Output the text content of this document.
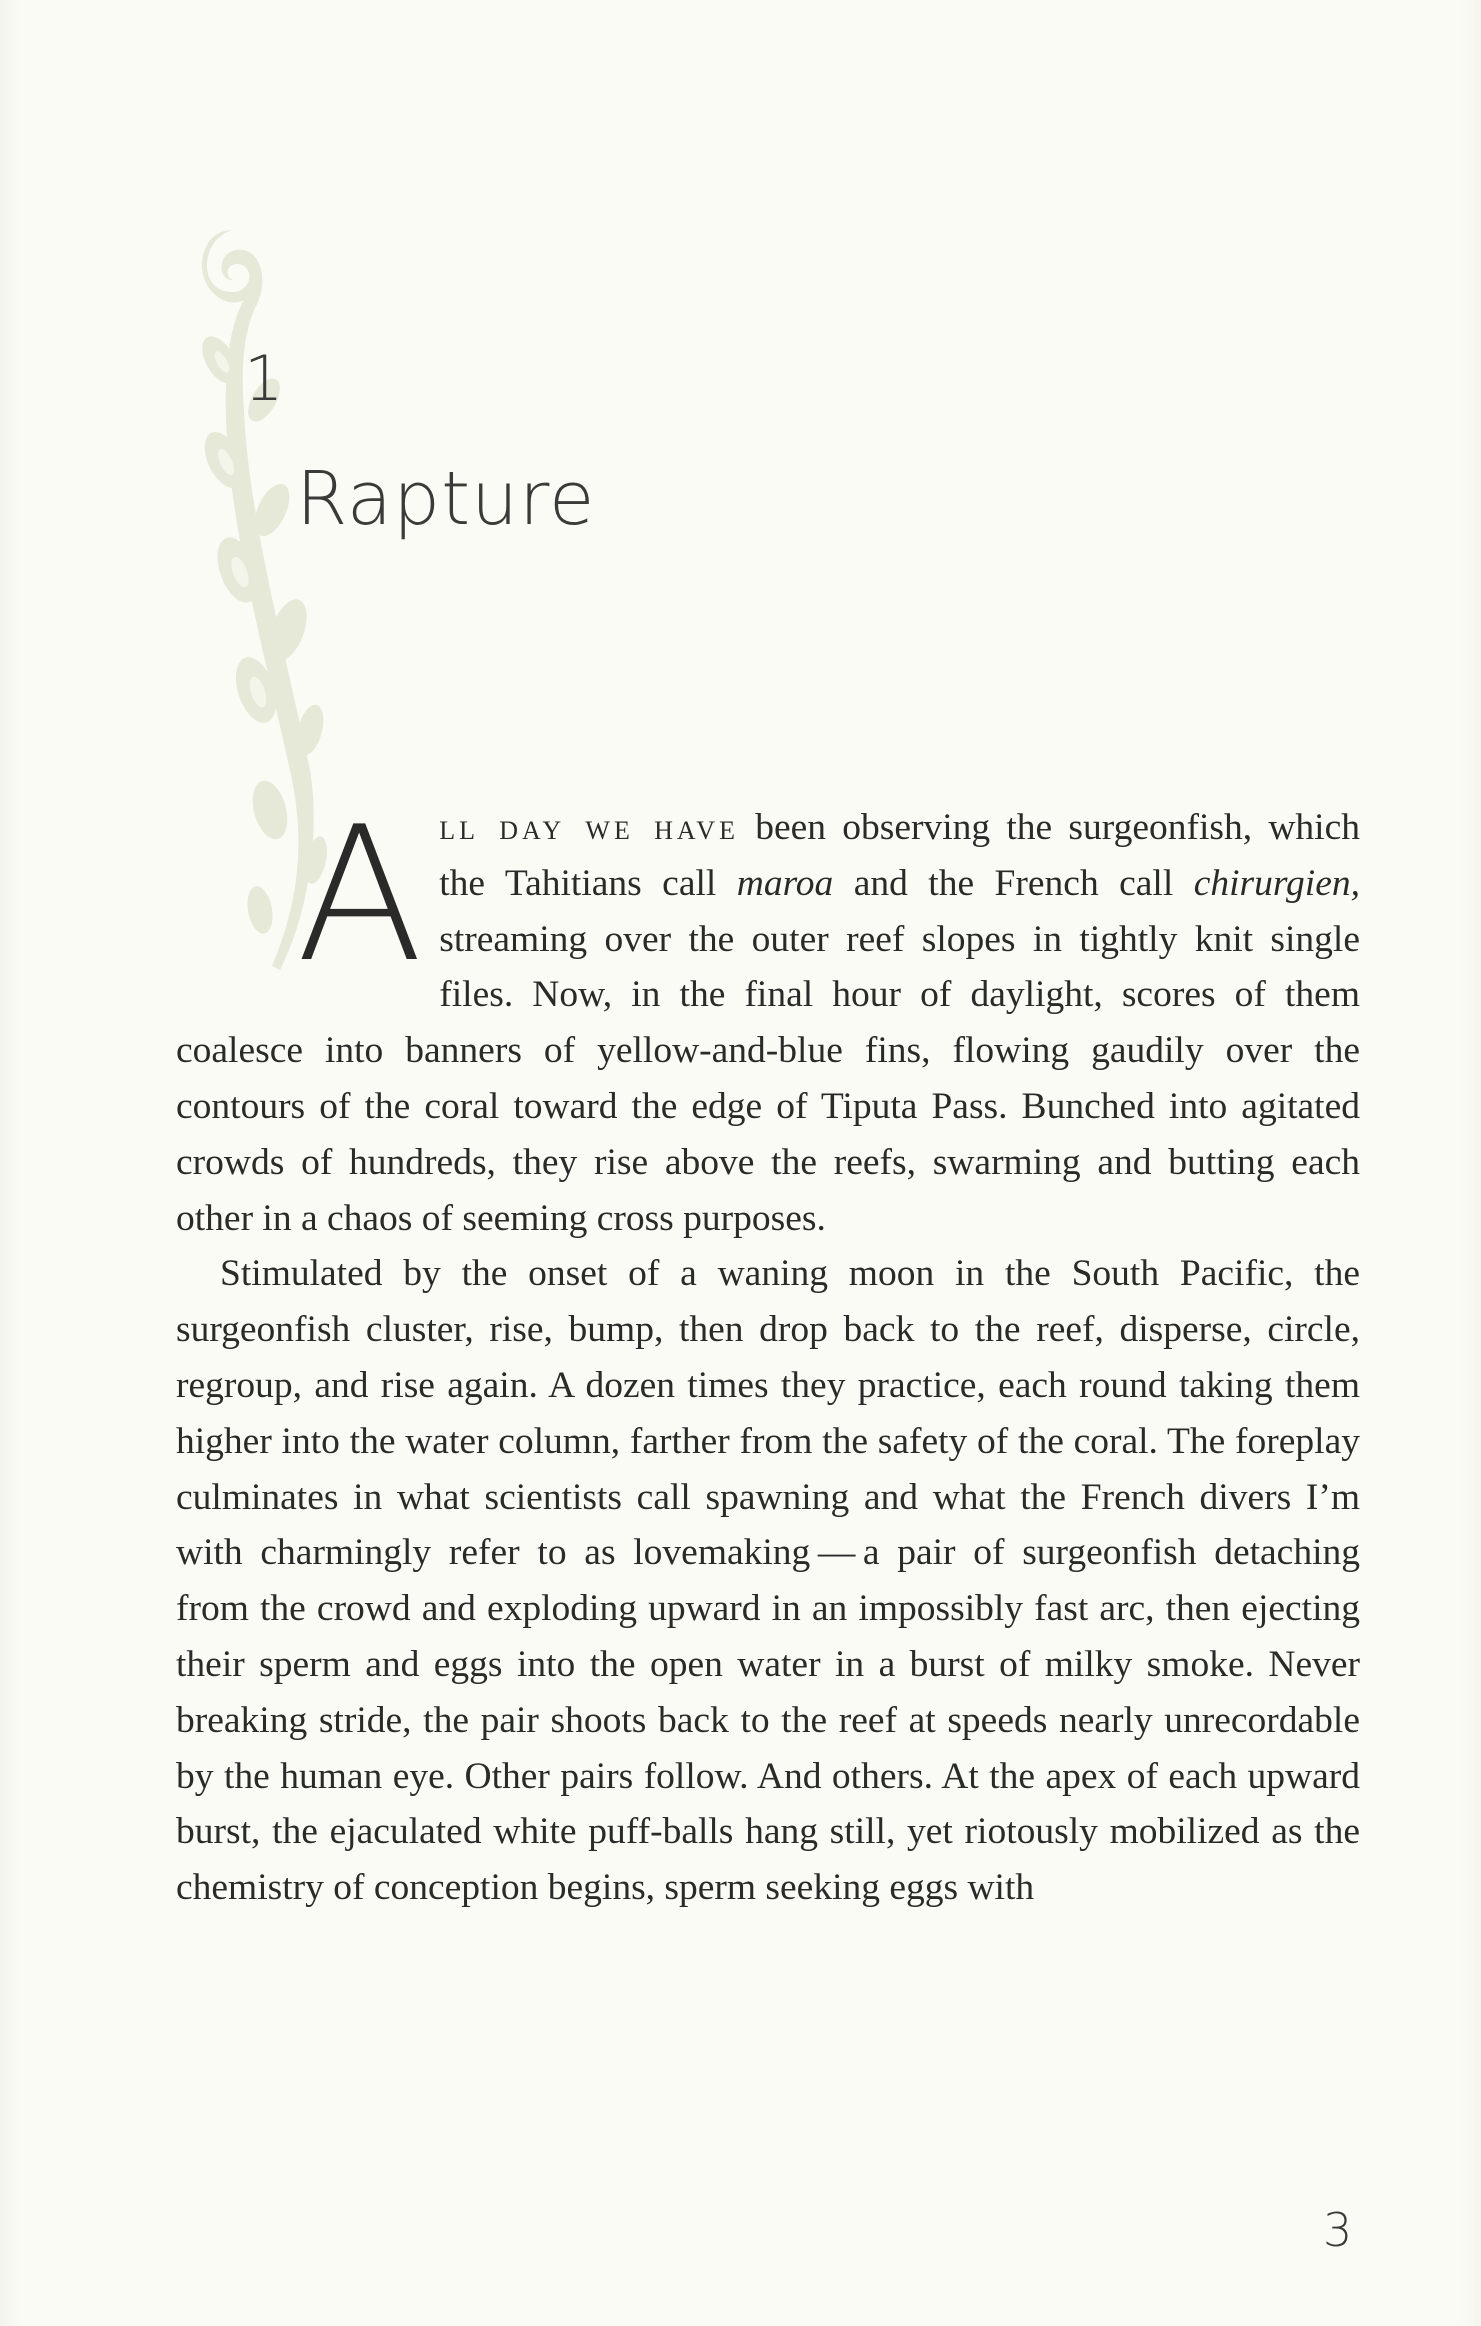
1
Rapture

All day we have been observing the surgeonfish, which the Tahitians call maroa and the French call chirurgien, streaming over the outer reef slopes in tightly knit single files. Now, in the final hour of daylight, scores of them coalesce into banners of yellow-and-blue fins, flowing gaudily over the contours of the coral toward the edge of Tiputa Pass. Bunched into agitated crowds of hundreds, they rise above the reefs, swarming and butting each other in a chaos of seeming cross purposes.

Stimulated by the onset of a waning moon in the South Pacific, the surgeonfish cluster, rise, bump, then drop back to the reef, disperse, circle, regroup, and rise again. A dozen times they practice, each round taking them higher into the water column, farther from the safety of the coral. The foreplay culminates in what scientists call spawning and what the French divers I’m with charmingly refer to as lovemaking — a pair of surgeonfish detaching from the crowd and exploding upward in an impossibly fast arc, then ejecting their sperm and eggs into the open water in a burst of milky smoke. Never breaking stride, the pair shoots back to the reef at speeds nearly unrecordable by the human eye. Other pairs follow. And others. At the apex of each upward burst, the ejaculated white puff-balls hang still, yet riotously mobilized as the chemistry of conception begins, sperm seeking eggs with

3
